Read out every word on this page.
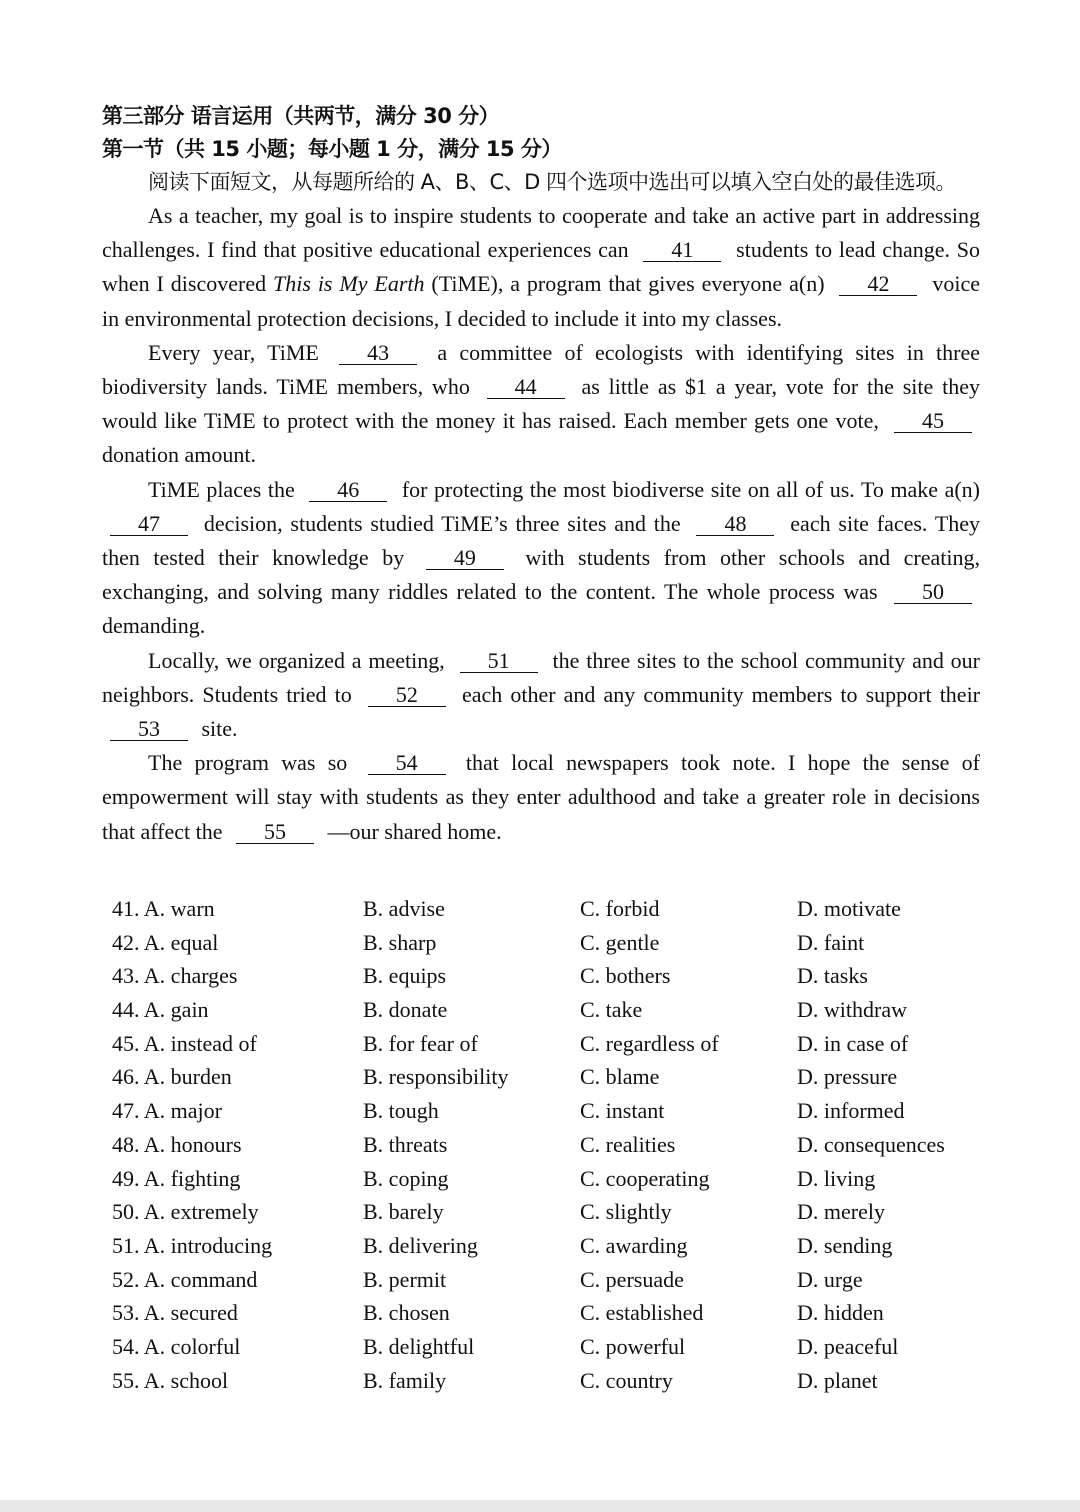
第三部分 语言运用（共两节，满分 30 分）
第一节（共 15 小题；每小题 1 分，满分 15 分）
阅读下面短文，从每题所给的 A、B、C、D 四个选项中选出可以填入空白处的最佳选项。

As a teacher, my goal is to inspire students to cooperate and take an active part in addressing challenges. I find that positive educational experiences can 41 students to lead change. So when I discovered This is My Earth (TiME), a program that gives everyone a(n) 42 voice in environmental protection decisions, I decided to include it into my classes.

Every year, TiME 43 a committee of ecologists with identifying sites in three biodiversity lands. TiME members, who 44 as little as $1 a year, vote for the site they would like TiME to protect with the money it has raised. Each member gets one vote, 45 donation amount.

TiME places the 46 for protecting the most biodiverse site on all of us. To make a(n) 47 decision, students studied TiME’s three sites and the 48 each site faces. They then tested their knowledge by 49 with students from other schools and creating, exchanging, and solving many riddles related to the content. The whole process was 50 demanding.

Locally, we organized a meeting, 51 the three sites to the school community and our neighbors. Students tried to 52 each other and any community members to support their 53 site.

The program was so 54 that local newspapers took note. I hope the sense of empowerment will stay with students as they enter adulthood and take a greater role in decisions that affect the 55 —our shared home.

41. A. warn	B. advise	C. forbid	D. motivate
42. A. equal	B. sharp	C. gentle	D. faint
43. A. charges	B. equips	C. bothers	D. tasks
44. A. gain	B. donate	C. take	D. withdraw
45. A. instead of	B. for fear of	C. regardless of	D. in case of
46. A. burden	B. responsibility	C. blame	D. pressure
47. A. major	B. tough	C. instant	D. informed
48. A. honours	B. threats	C. realities	D. consequences
49. A. fighting	B. coping	C. cooperating	D. living
50. A. extremely	B. barely	C. slightly	D. merely
51. A. introducing	B. delivering	C. awarding	D. sending
52. A. command	B. permit	C. persuade	D. urge
53. A. secured	B. chosen	C. established	D. hidden
54. A. colorful	B. delightful	C. powerful	D. peaceful
55. A. school	B. family	C. country	D. planet
